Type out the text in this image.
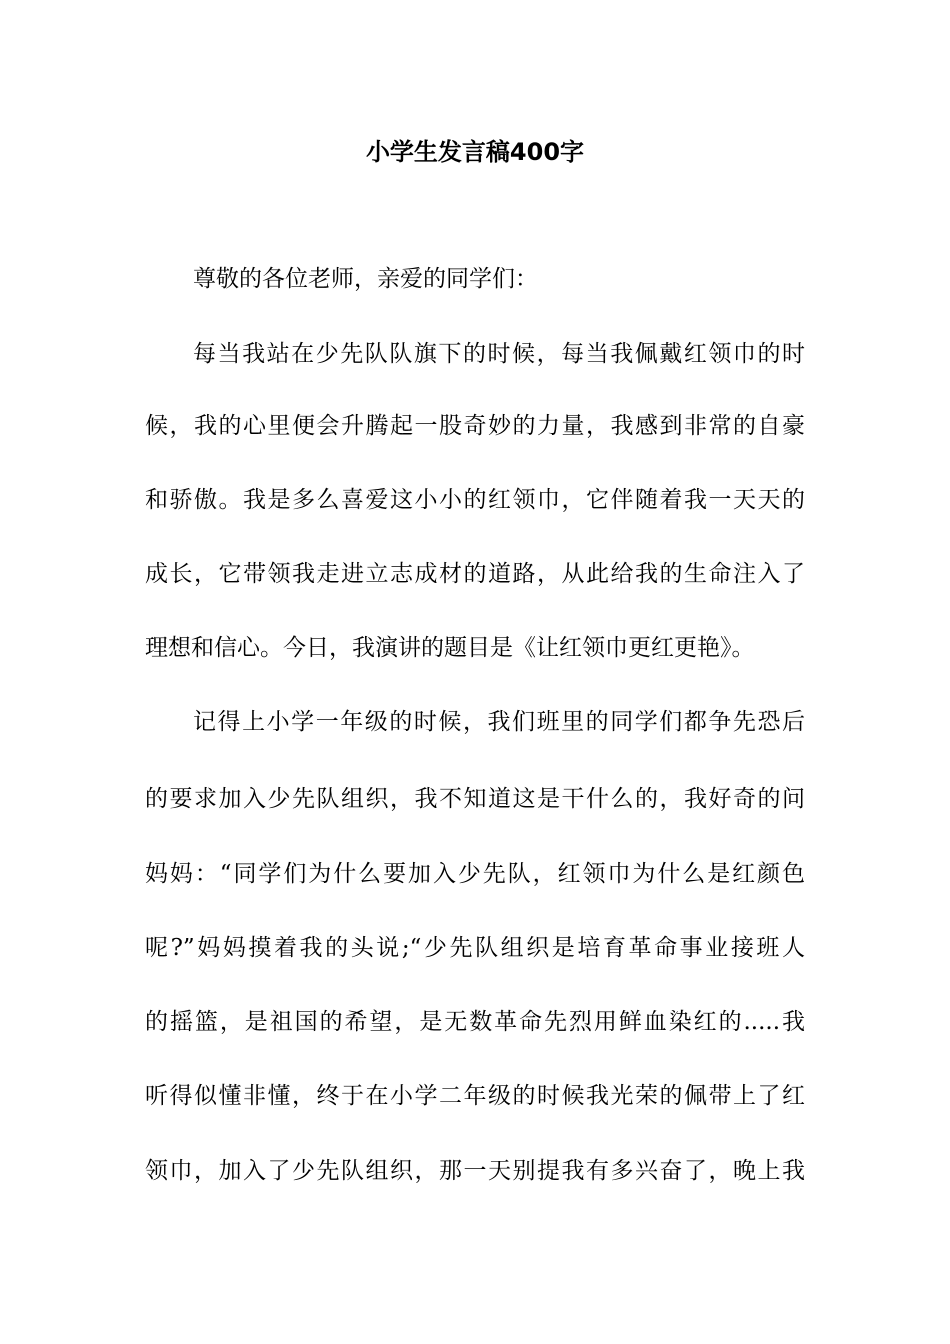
小学生发言稿400字
尊敬的各位老师，亲爱的同学们：
每当我站在少先队队旗下的时候，每当我佩戴红领巾的时
候，我的心里便会升腾起一股奇妙的力量，我感到非常的自豪
和骄傲。我是多么喜爱这小小的红领巾，它伴随着我一天天的
成长，它带领我走进立志成材的道路，从此给我的生命注入了
理想和信心。今日，我演讲的题目是《让红领巾更红更艳》。
记得上小学一年级的时候，我们班里的同学们都争先恐后
的要求加入少先队组织，我不知道这是干什么的，我好奇的问
妈妈：“同学们为什么要加入少先队，红领巾为什么是红颜色
呢?”妈妈摸着我的头说;“少先队组织是培育革命事业接班人
的摇篮，是祖国的希望，是无数革命先烈用鲜血染红的.....我
听得似懂非懂，终于在小学二年级的时候我光荣的佩带上了红
领巾，加入了少先队组织，那一天别提我有多兴奋了，晚上我
